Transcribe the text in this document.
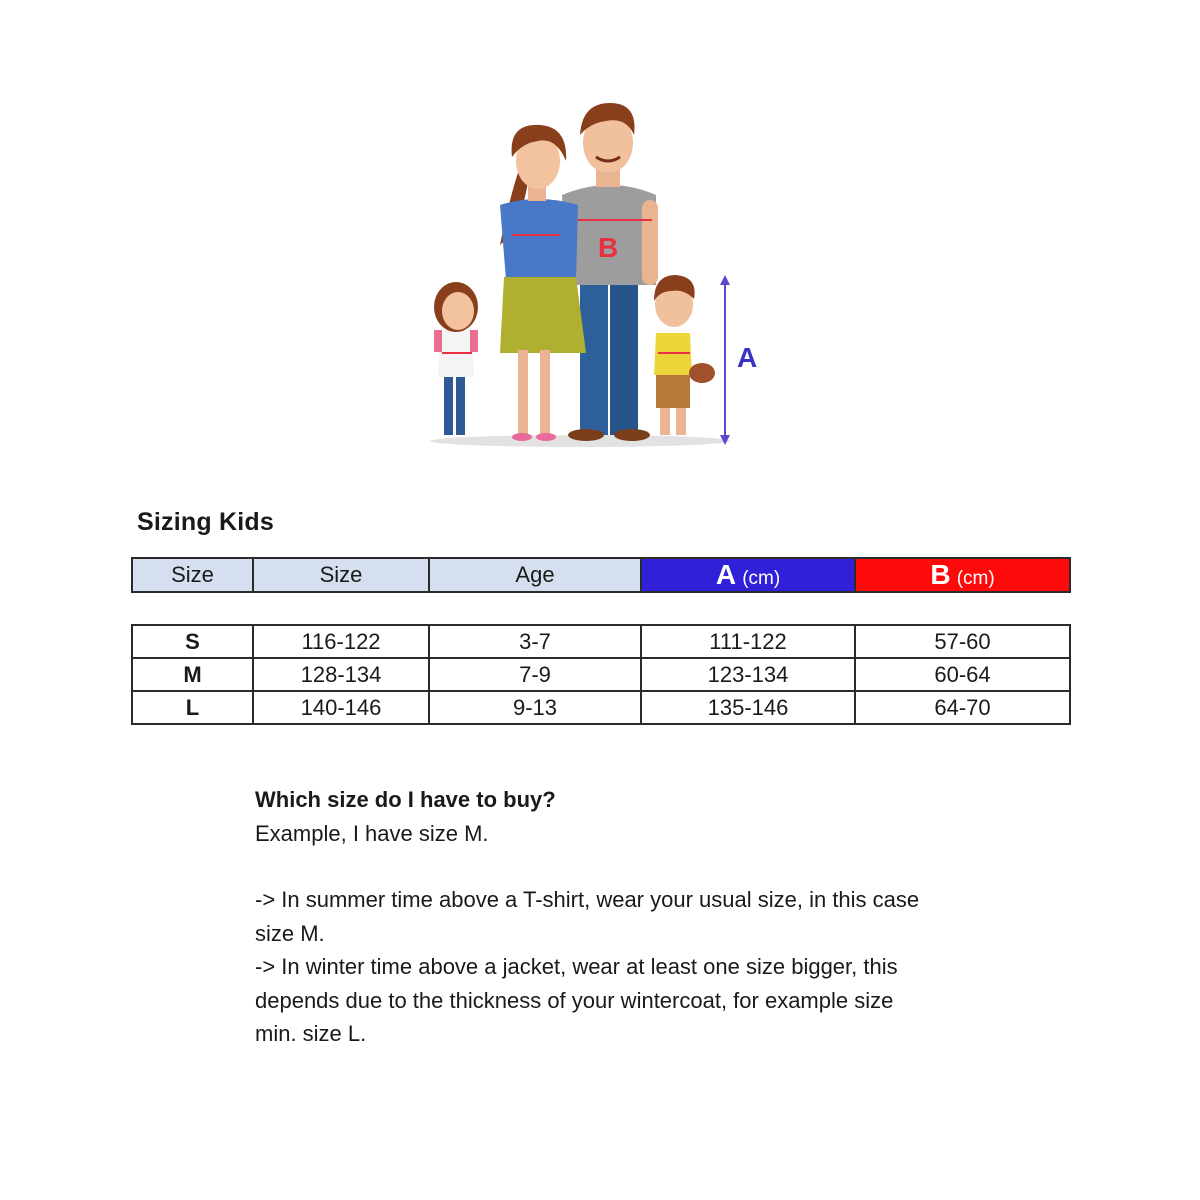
B
A
Sizing Kids
Size	Size	Age	A (cm)	B (cm)
S	116-122	3-7	111-122	57-60
M	128-134	7-9	123-134	60-64
L	140-146	9-13	135-146	64-70

Which size do I have to buy?

Example, I have size M.

-> In summer time above a T-shirt, wear your usual size, in this case

size M.

-> In winter time above a jacket, wear at least one size bigger, this

depends due to the thickness of your wintercoat, for example size

min. size L.
